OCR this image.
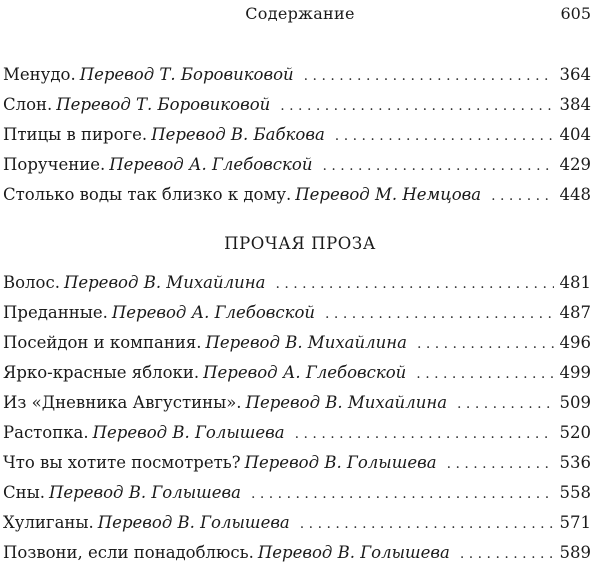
Содержание	605
Менудо. Перевод Т. Боровиковой . . .	364
Слон. Перевод Т. Боровиковой . . .	384
Птицы в пироге. Перевод В. Бабкова . . .	404
Поручение. Перевод А. Глебовской . . .	429
Столько воды так близко к дому. Перевод М. Немцова . . .	448
ПРОЧАЯ ПРОЗА
Волос. Перевод В. Михайлина . . .	481
Преданные. Перевод А. Глебовской . . .	487
Посейдон и компания. Перевод В. Михайлина . . .	496
Ярко-красные яблоки. Перевод А. Глебовской . . .	499
Из «Дневника Августины». Перевод В. Михайлина . . .	509
Растопка. Перевод В. Голышева . . .	520
Что вы хотите посмотреть? Перевод В. Голышева . . .	536
Сны. Перевод В. Голышева . . .	558
Хулиганы. Перевод В. Голышева . . .	571
Позвони, если понадоблюсь. Перевод В. Голышева . . .	589
